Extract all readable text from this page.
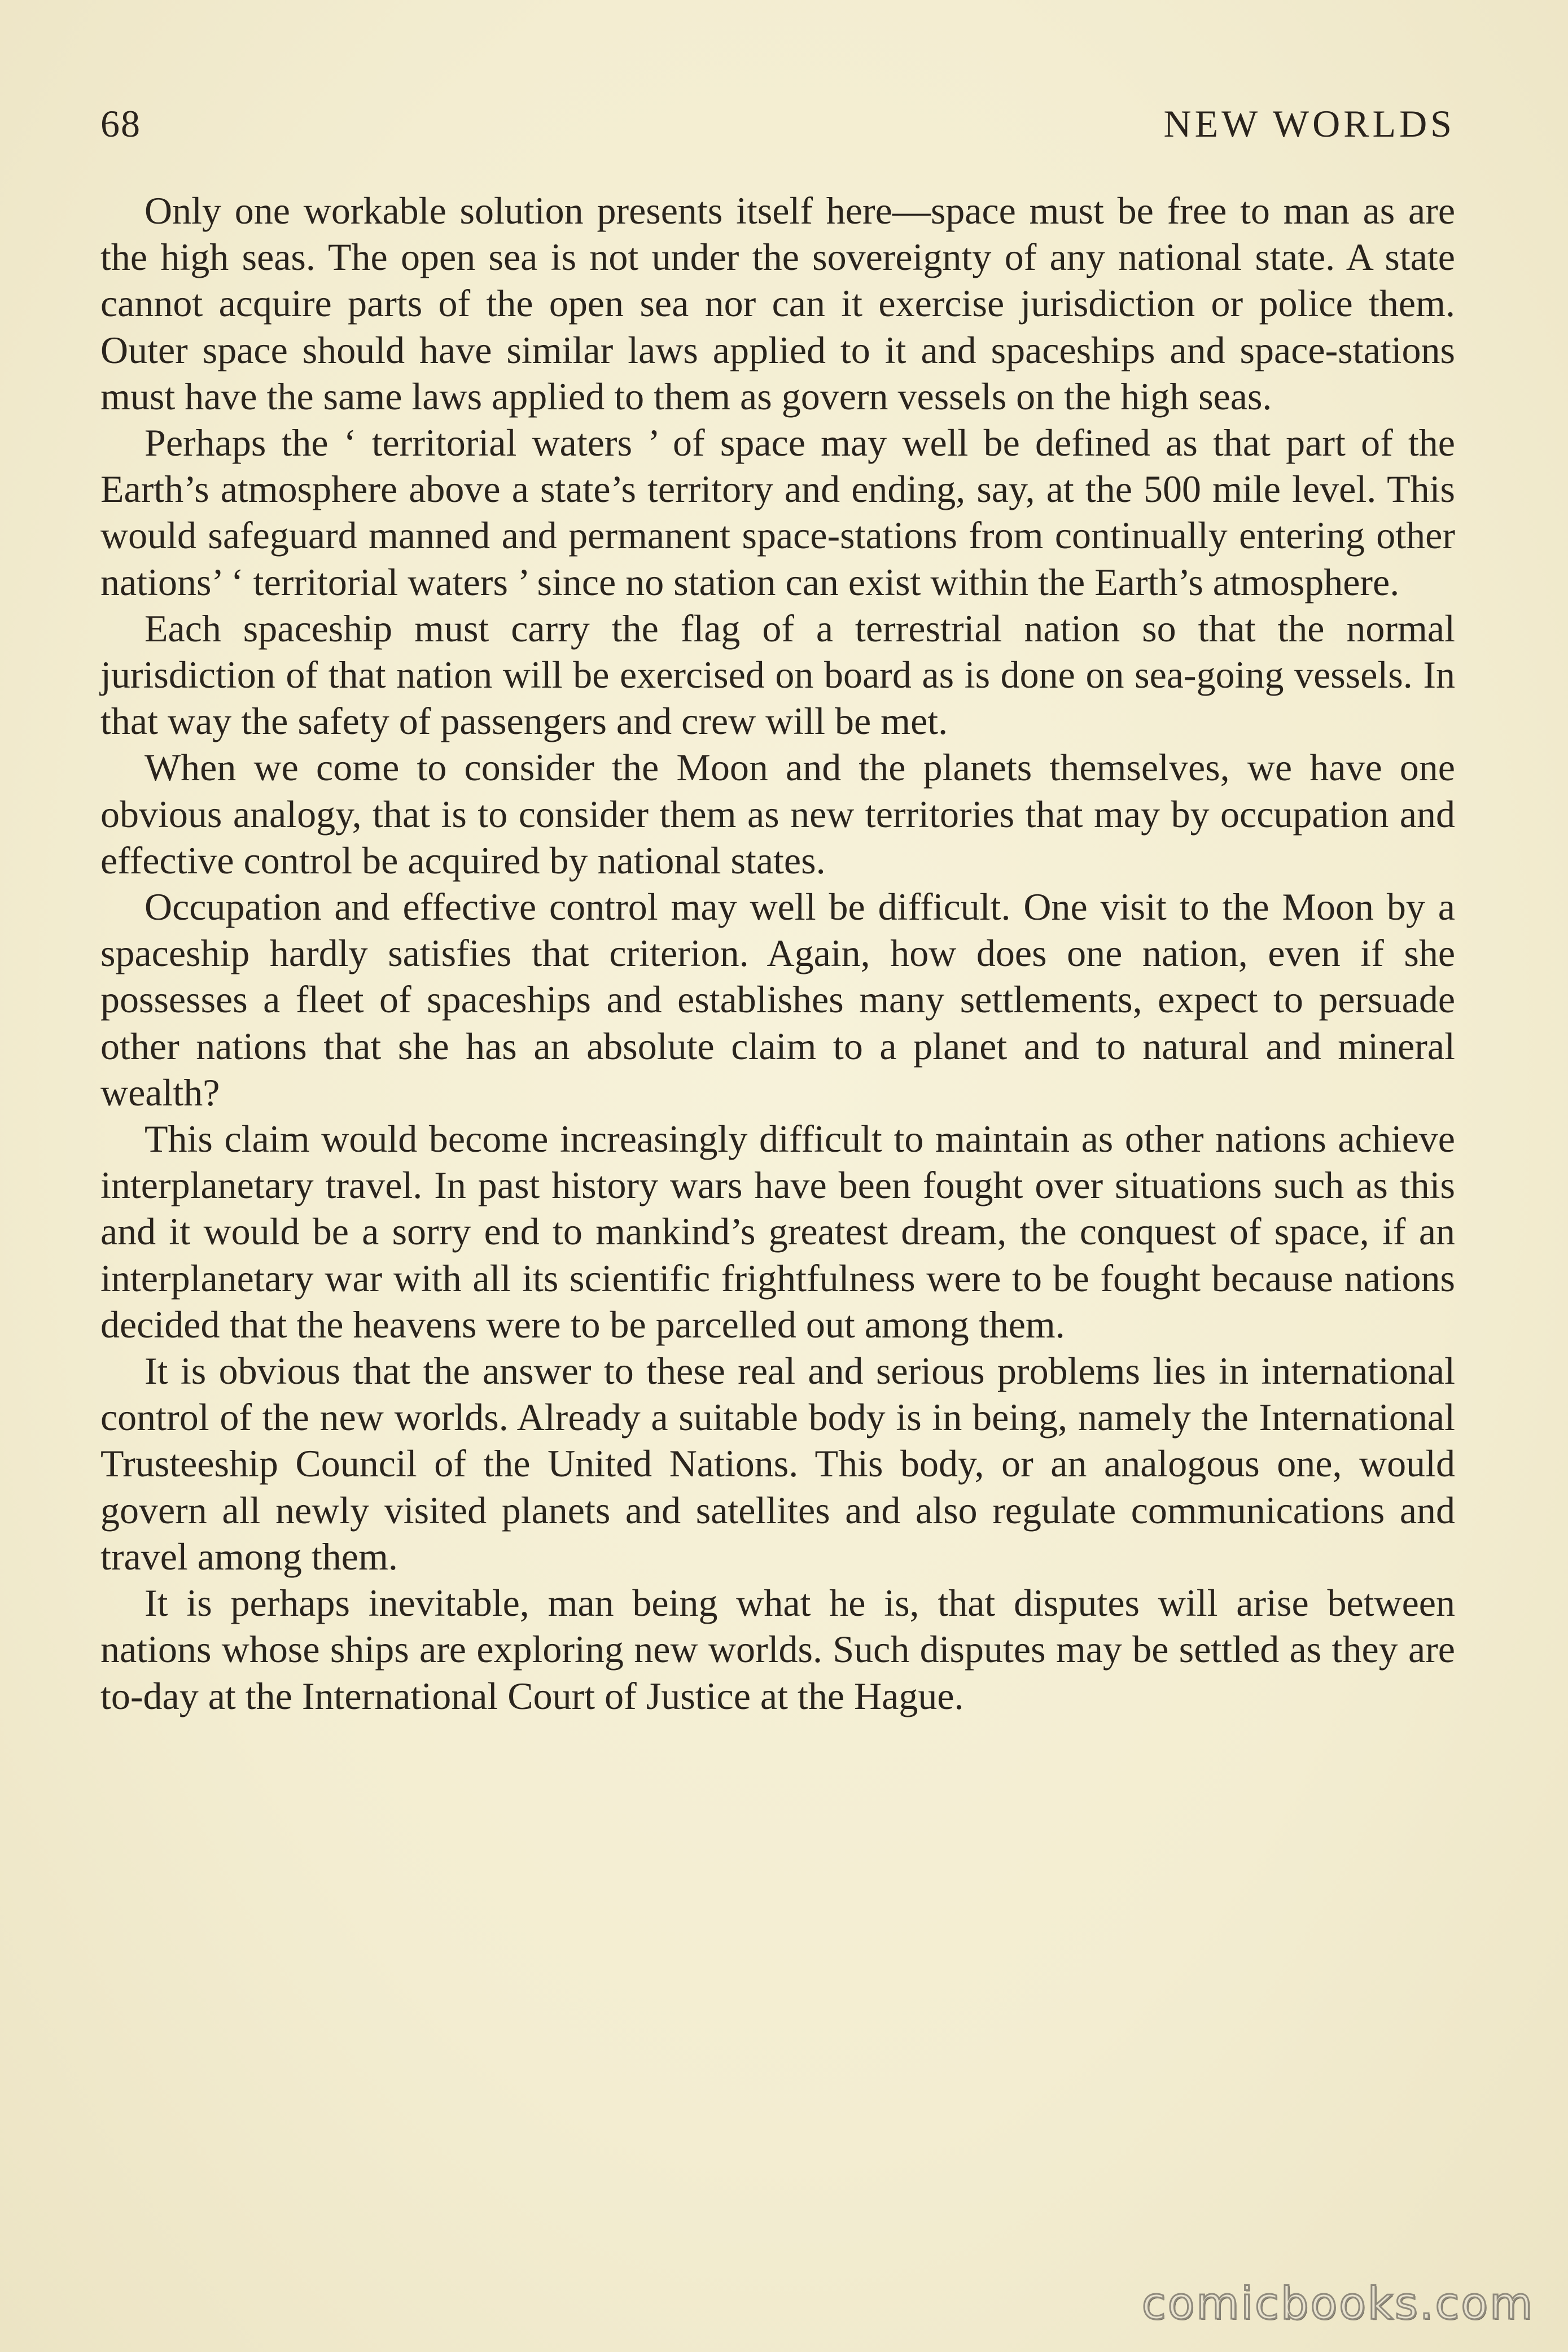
68	NEW WORLDS

Only one workable solution presents itself here—space must be free to man as are the high seas. The open sea is not under the sovereignty of any national state. A state cannot acquire parts of the open sea nor can it exercise jurisdiction or police them. Outer space should have similar laws applied to it and spaceships and space-stations must have the same laws applied to them as govern vessels on the high seas.

Perhaps the ‘ territorial waters ’ of space may well be defined as that part of the Earth’s atmosphere above a state’s territory and ending, say, at the 500 mile level. This would safeguard manned and permanent space-stations from continually entering other nations’ ‘ territorial waters ’ since no station can exist within the Earth’s atmosphere.

Each spaceship must carry the flag of a terrestrial nation so that the normal jurisdiction of that nation will be exercised on board as is done on sea-going vessels. In that way the safety of passengers and crew will be met.

When we come to consider the Moon and the planets themselves, we have one obvious analogy, that is to consider them as new territories that may by occupation and effective control be acquired by national states.

Occupation and effective control may well be difficult. One visit to the Moon by a spaceship hardly satisfies that criterion. Again, how does one nation, even if she possesses a fleet of spaceships and establishes many settlements, expect to persuade other nations that she has an absolute claim to a planet and to natural and mineral wealth?

This claim would become increasingly difficult to maintain as other nations achieve interplanetary travel. In past history wars have been fought over situations such as this and it would be a sorry end to mankind’s greatest dream, the conquest of space, if an interplanetary war with all its scientific frightfulness were to be fought because nations decided that the heavens were to be parcelled out among them.

It is obvious that the answer to these real and serious problems lies in international control of the new worlds. Already a suitable body is in being, namely the International Trusteeship Council of the United Nations. This body, or an analogous one, would govern all newly visited planets and satellites and also regulate communications and travel among them.

It is perhaps inevitable, man being what he is, that disputes will arise between nations whose ships are exploring new worlds. Such disputes may be settled as they are to-day at the International Court of Justice at the Hague.

comicbooks.com
